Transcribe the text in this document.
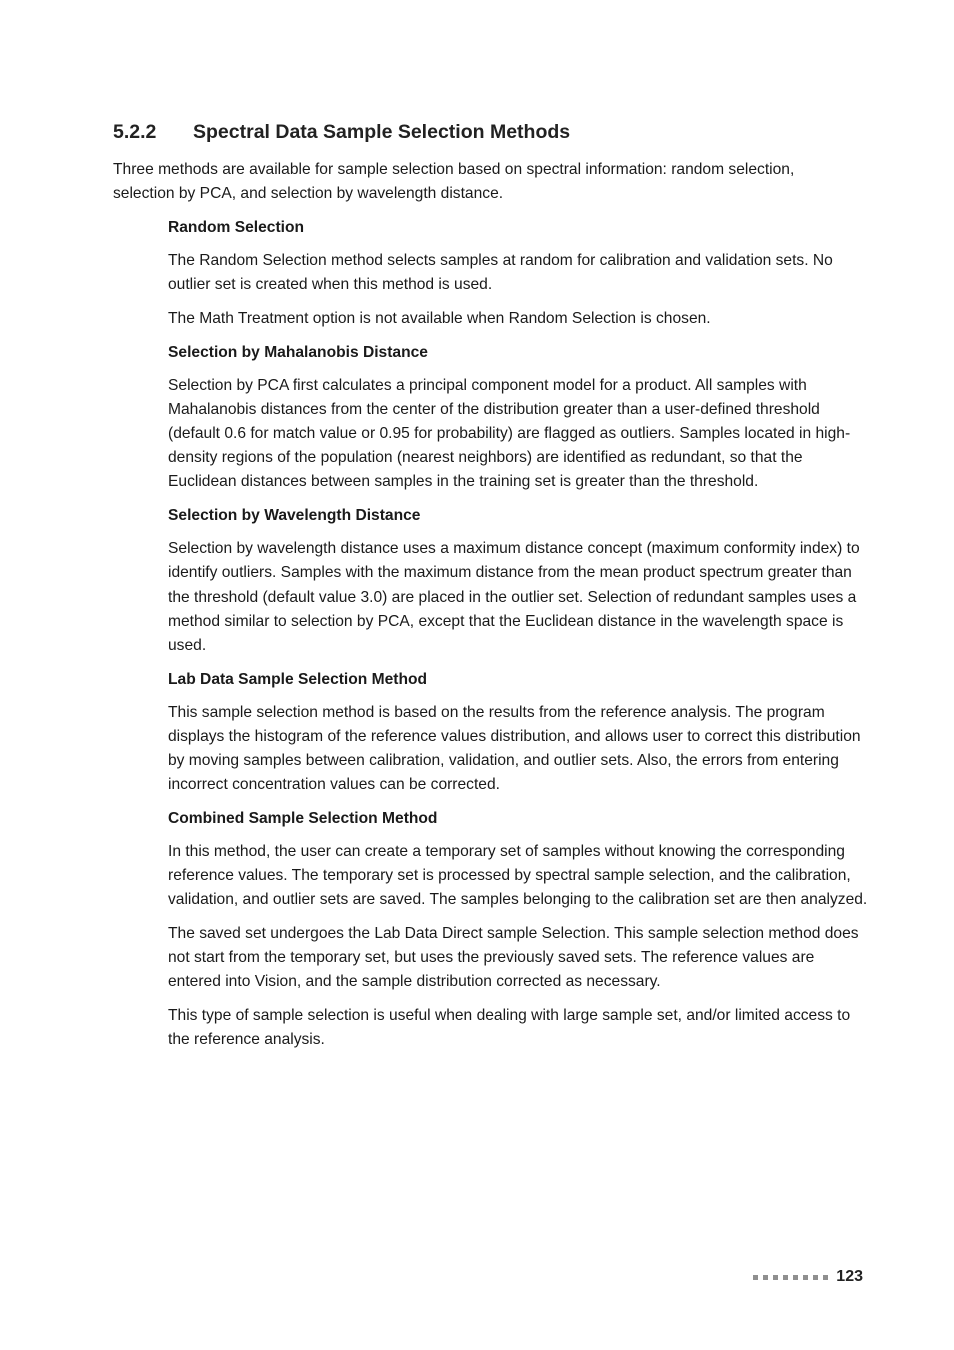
5.2.2 Spectral Data Sample Selection Methods

Three methods are available for sample selection based on spectral information: random selection, selection by PCA, and selection by wavelength distance.

Random Selection

The Random Selection method selects samples at random for calibration and validation sets. No outlier set is created when this method is used.

The Math Treatment option is not available when Random Selection is chosen.

Selection by Mahalanobis Distance

Selection by PCA first calculates a principal component model for a product. All samples with Mahalanobis distances from the center of the distribution greater than a user-defined threshold (default 0.6 for match value or 0.95 for probability) are flagged as outliers. Samples located in high-density regions of the population (nearest neighbors) are identified as redundant, so that the Euclidean distances between samples in the training set is greater than the threshold.

Selection by Wavelength Distance

Selection by wavelength distance uses a maximum distance concept (maximum conformity index) to identify outliers. Samples with the maximum distance from the mean product spectrum greater than the threshold (default value 3.0) are placed in the outlier set. Selection of redundant samples uses a method similar to selection by PCA, except that the Euclidean distance in the wavelength space is used.

Lab Data Sample Selection Method

This sample selection method is based on the results from the reference analysis. The program displays the histogram of the reference values distribution, and allows user to correct this distribution by moving samples between calibration, validation, and outlier sets. Also, the errors from entering incorrect concentration values can be corrected.

Combined Sample Selection Method

In this method, the user can create a temporary set of samples without knowing the corresponding reference values. The temporary set is processed by spectral sample selection, and the calibration, validation, and outlier sets are saved. The samples belonging to the calibration set are then analyzed.

The saved set undergoes the Lab Data Direct sample Selection. This sample selection method does not start from the temporary set, but uses the previously saved sets. The reference values are entered into Vision, and the sample distribution corrected as necessary.

This type of sample selection is useful when dealing with large sample set, and/or limited access to the reference analysis.

123
